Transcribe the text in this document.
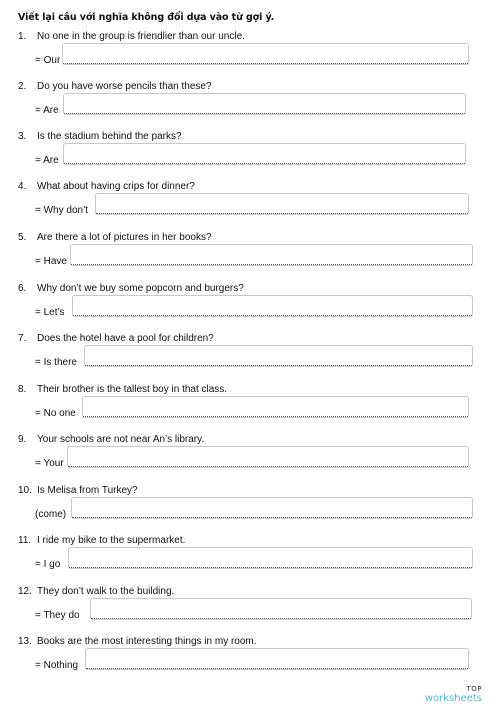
Viết lại câu với nghĩa không đổi dựa vào từ gợi ý.
1. No one in the group is friendlier than our uncle.
= Our
2. Do you have worse pencils than these?
= Are
3. Is the stadium behind the parks?
= Are
4. What about having crips for dinner?
= Why don’t
5. Are there a lot of pictures in her books?
= Have
6. Why don’t we buy some popcorn and burgers?
= Let’s
7. Does the hotel have a pool for children?
= Is there
8. Their brother is the tallest boy in that class.
= No one
9. Your schools are not near An’s library.
= Your
10. Is Melisa from Turkey?
(come)
11. I ride my bike to the supermarket.
= I go
12. They don’t walk to the building.
= They do
13. Books are the most interesting things in my room.
= Nothing
TOP
worksheets
